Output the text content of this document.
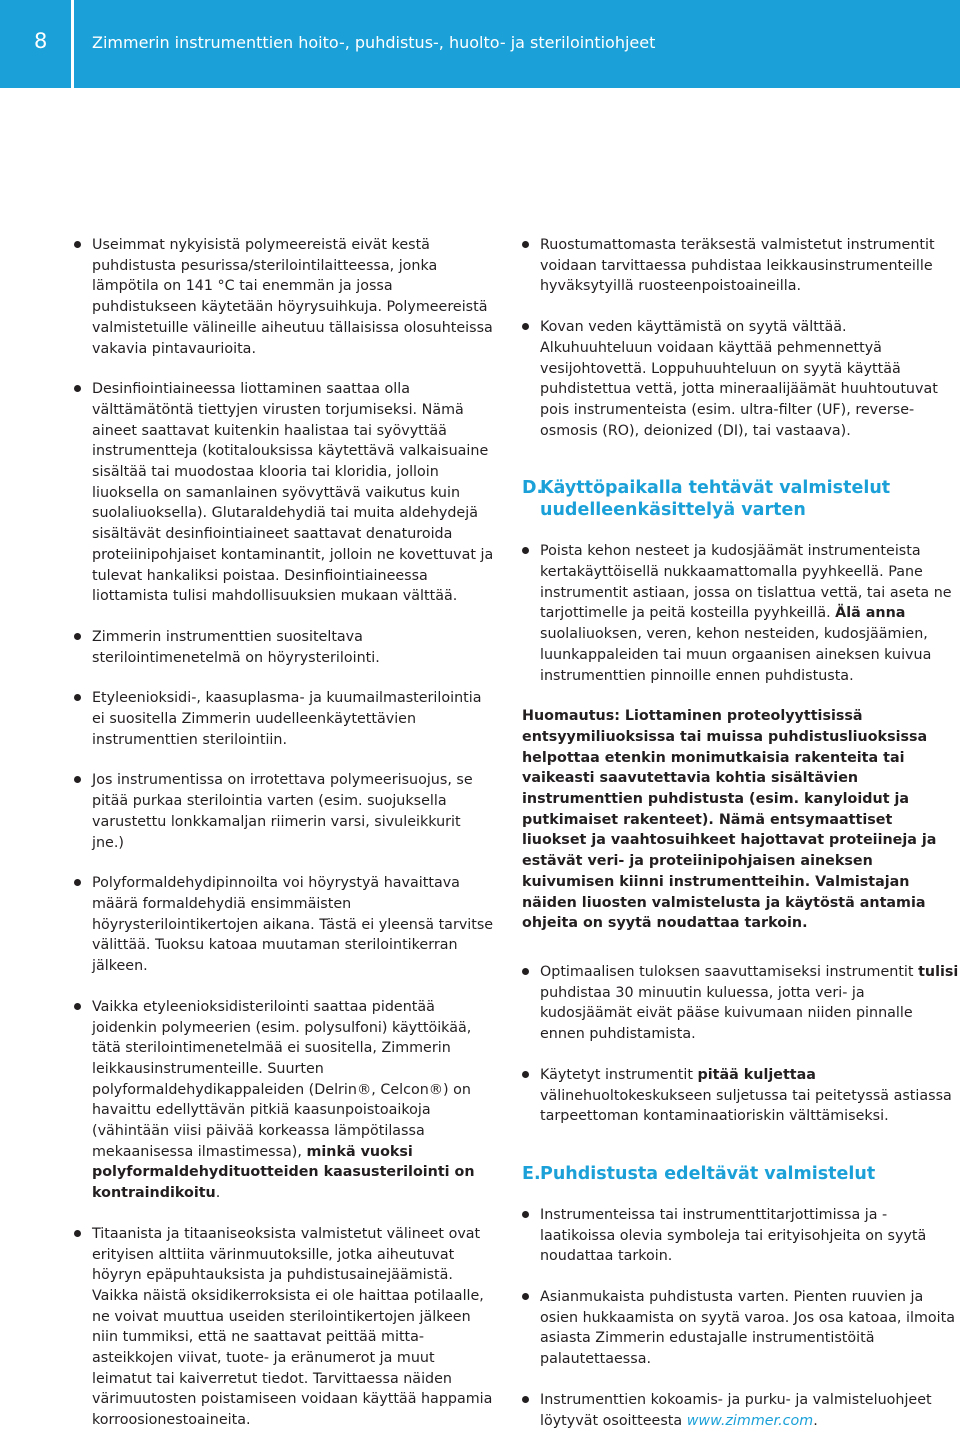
8	Zimmerin instrumenttien hoito-, puhdistus-, huolto- ja sterilointiohjeet
Useimmat nykyisistä polymeereistä eivät kestä puhdistusta pesurissa/sterilointilaitteessa, jonka lämpötila on 141 °C tai enemmän ja jossa puhdistukseen käytetään höyrysuihkuja. Polymeereistä valmistetuille välineille aiheutuu tällaisissa olosuhteissa vakavia pintavaurioita.
Desinfiointiaineessa liottaminen saattaa olla välttämätöntä tiettyjen virusten torjumiseksi. Nämä aineet saattavat kuitenkin haalistaa tai syövyttää instrumentteja (kotitalouksissa käytettävä valkaisuaine sisältää tai muodostaa klooria tai kloridia, jolloin liuoksella on samanlainen syövyttävä vaikutus kuin suolaliuoksella). Glutaraldehydiä tai muita aldehydejä sisältävät desinfiointiaineet saattavat denaturoida proteiinipohjaiset kontaminantit, jolloin ne kovettuvat ja tulevat hankaliksi poistaa. Desinfiointiaineessa liottamista tulisi mahdollisuuksien mukaan välttää.
Zimmerin instrumenttien suositeltava sterilointimenetelmä on höyrysterilointi.
Etyleenioksidi-, kaasuplasma- ja kuumailmasterilointia ei suositella Zimmerin uudelleenkäytettävien instrumenttien sterilointiin.
Jos instrumentissa on irrotettava polymeerisuojus, se pitää purkaa sterilointia varten (esim. suojuksella varustettu lonkkamaljan riimerin varsi, sivuleikkurit jne.)
Polyformaldehydipinnoilta voi höyrystyä havaittava määrä formaldehydiä ensimmäisten höyrysterilointikertojen aikana. Tästä ei yleensä tarvitse välittää. Tuoksu katoaa muutaman sterilointikerran jälkeen.
Vaikka etyleenioksidisterilointi saattaa pidentää joidenkin polymeerien (esim. polysulfoni) käyttöikää, tätä sterilointimenetelmää ei suositella, Zimmerin leikkausinstrumenteille. Suurten polyformaldehydikappaleiden (Delrin®, Celcon®) on havaittu edellyttävän pitkiä kaasunpoistoaikoja (vähintään viisi päivää korkeassa lämpötilassa mekaanisessa ilmastimessa), minkä vuoksi polyformaldehydituotteiden kaasusterilointi on kontraindikoitu.
Titaanista ja titaaniseoksista valmistetut välineet ovat erityisen alttiita värinmuutoksille, jotka aiheutuvat höyryn epäpuhtauksista ja puhdistusainejäämistä. Vaikka näistä oksidikerroksista ei ole haittaa potilaalle, ne voivat muuttua useiden sterilointikertojen jälkeen niin tummiksi, että ne saattavat peittää mitta-asteikkojen viivat, tuote- ja eränumerot ja muut leimatut tai kaiverretut tiedot. Tarvittaessa näiden värimuutosten poistamiseen voidaan käyttää happamia korroosionestoaineita.
Ruostumattomasta teräksestä valmistetut instrumentit voidaan tarvittaessa puhdistaa leikkausinstrumenteille hyväksytyillä ruosteenpoistoaineilla.
Kovan veden käyttämistä on syytä välttää.
Alkuhuuhteluun voidaan käyttää pehmennettyä vesijohtovettä. Loppuhuuhteluun on syytä käyttää puhdistettua vettä, jotta mineraalijäämät huuhtoutuvat pois instrumenteista (esim. ultra-filter (UF), reverse-osmosis (RO), deionized (DI), tai vastaava).
D.
Käyttöpaikalla tehtävät valmistelut uudelleenkäsittelyä varten
Poista kehon nesteet ja kudosjäämät instrumenteista kertakäyttöisellä nukkaamattomalla pyyhkeellä. Pane instrumentit astiaan, jossa on tislattua vettä, tai aseta ne tarjottimelle ja peitä kosteilla pyyhkeillä. Älä anna suolaliuoksen, veren, kehon nesteiden, kudosjäämien, luunkappaleiden tai muun orgaanisen aineksen kuivua instrumenttien pinnoille ennen puhdistusta.

Huomautus: Liottaminen proteolyyttisissä entsyymiliuoksissa tai muissa puhdistusliuoksissa helpottaa etenkin monimutkaisia rakenteita tai vaikeasti saavutettavia kohtia sisältävien instrumenttien puhdistusta (esim. kanyloidut ja putkimaiset rakenteet). Nämä entsymaattiset liuokset ja vaahtosuihkeet hajottavat proteiineja ja estävät veri- ja proteiinipohjaisen aineksen kuivumisen kiinni instrumentteihin. Valmistajan näiden liuosten valmistelusta ja käytöstä antamia ohjeita on syytä noudattaa tarkoin.

Optimaalisen tuloksen saavuttamiseksi instrumentit tulisi puhdistaa 30 minuutin kuluessa, jotta veri- ja kudosjäämät eivät pääse kuivumaan niiden pinnalle ennen puhdistamista.
Käytetyt instrumentit pitää kuljettaa välinehuoltokeskukseen suljetussa tai peitetyssä astiassa tarpeettoman kontaminaatioriskin välttämiseksi.
E. Puhdistusta edeltävät valmistelut
Instrumenteissa tai instrumenttitarjottimissa ja -laatikoissa olevia symboleja tai erityisohjeita on syytä noudattaa tarkoin.
Asianmukaista puhdistusta varten. Pienten ruuvien ja osien hukkaamista on syytä varoa. Jos osa katoaa, ilmoita asiasta Zimmerin edustajalle instrumentistöitä palautettaessa.
Instrumenttien kokoamis- ja purku- ja valmisteluohjeet löytyvät osoitteesta www.zimmer.com.
